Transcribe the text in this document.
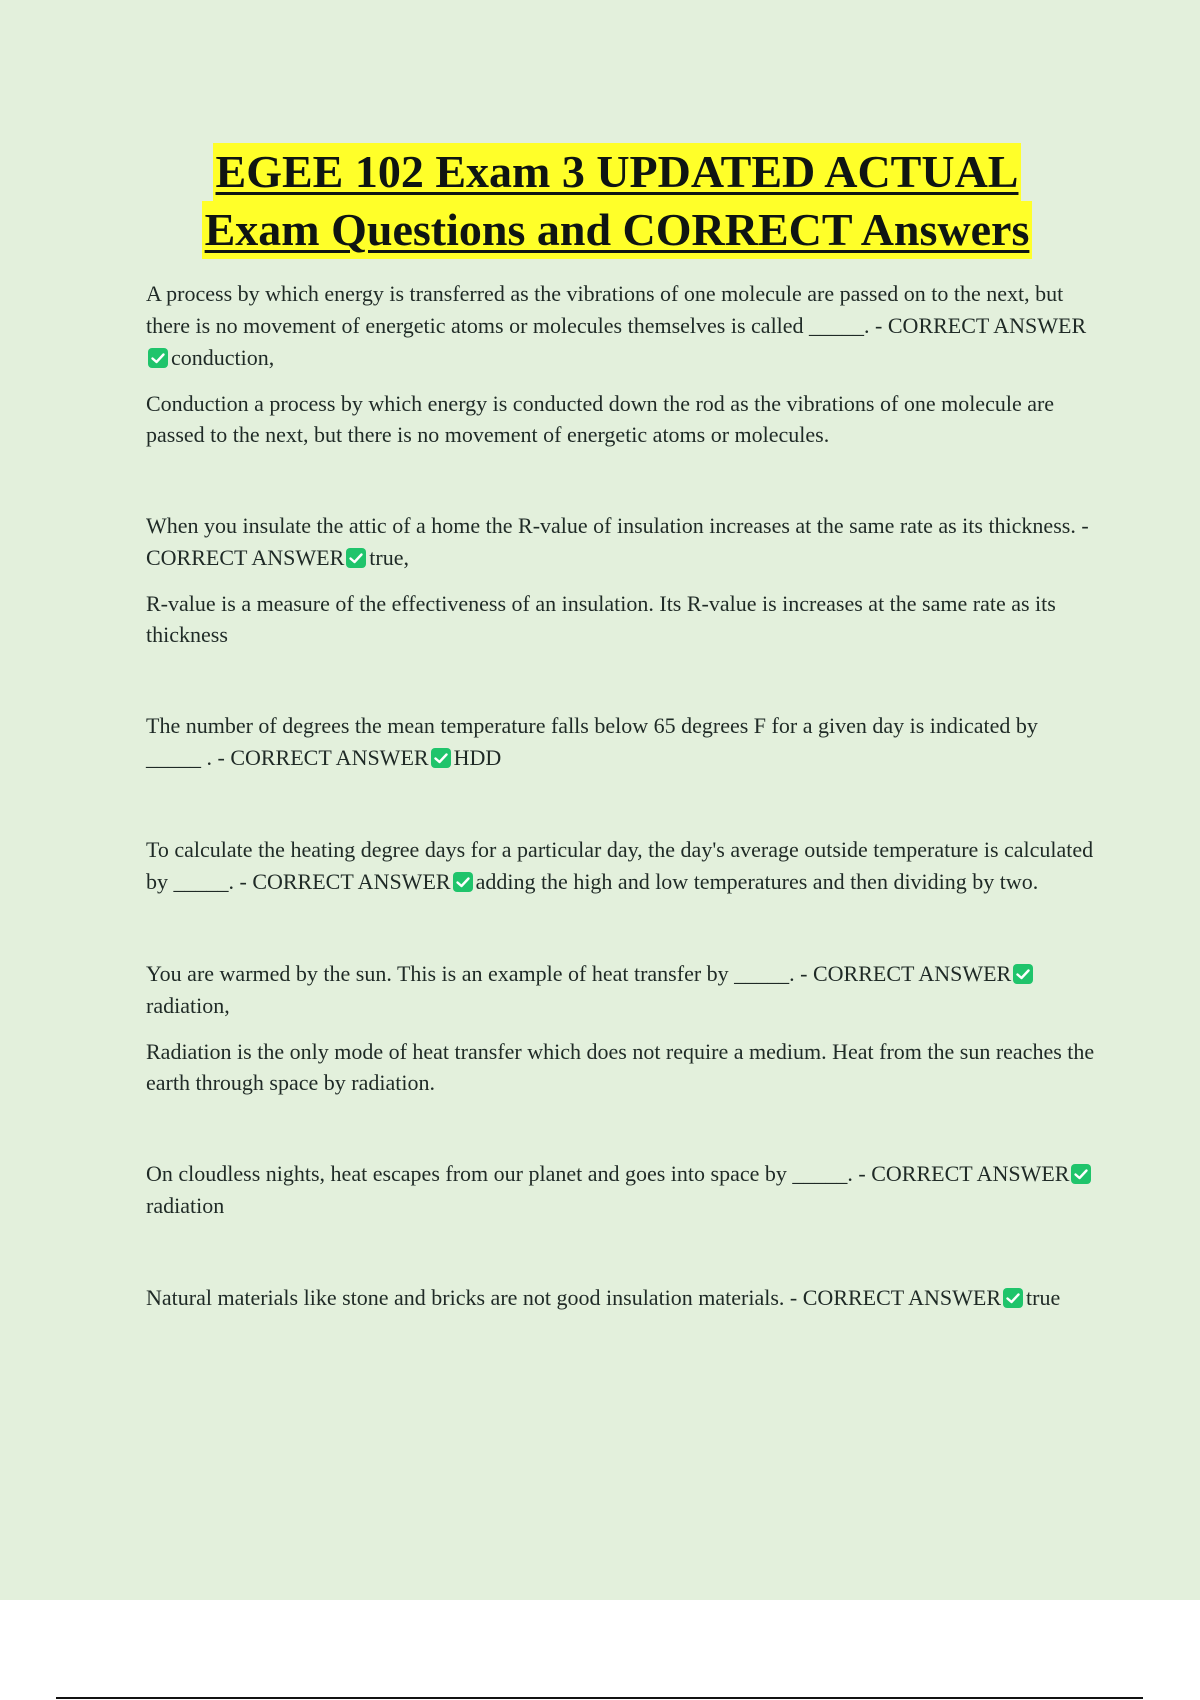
EGEE 102 Exam 3 UPDATED ACTUAL
Exam Questions and CORRECT Answers

A process by which energy is transferred as the vibrations of one molecule are passed on to the next, but there is no movement of energetic atoms or molecules themselves is called _____. - CORRECT ANSWER
conduction,

Conduction a process by which energy is conducted down the rod as the vibrations of one molecule are passed to the next, but there is no movement of energetic atoms or molecules.

When you insulate the attic of a home the R-value of insulation increases at the same rate as its thickness. - CORRECT ANSWER true,

R-value is a measure of the effectiveness of an insulation. Its R-value is increases at the same rate as its thickness

The number of degrees the mean temperature falls below 65 degrees F for a given day is indicated by _____ . - CORRECT ANSWER HDD

To calculate the heating degree days for a particular day, the day's average outside temperature is calculated by _____. - CORRECT ANSWER adding the high and low temperatures and then dividing by two.

You are warmed by the sun. This is an example of heat transfer by _____. - CORRECT ANSWER
radiation,

Radiation is the only mode of heat transfer which does not require a medium. Heat from the sun reaches the earth through space by radiation.

On cloudless nights, heat escapes from our planet and goes into space by _____. - CORRECT ANSWER
radiation

Natural materials like stone and bricks are not good insulation materials. - CORRECT ANSWER true
